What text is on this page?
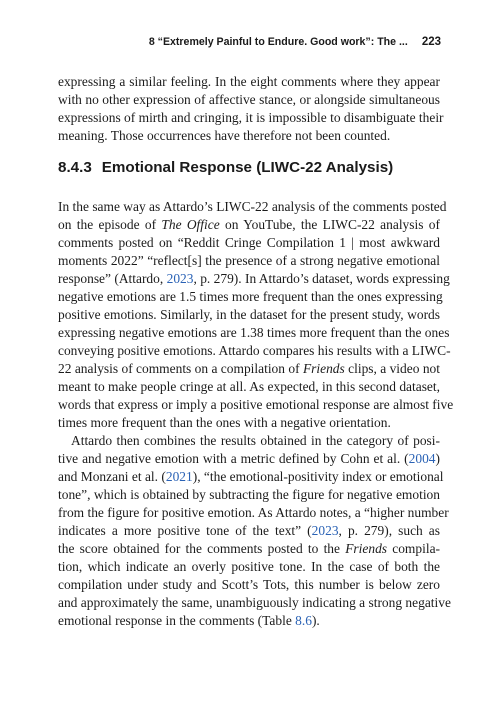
8 “Extremely Painful to Endure. Good work”: The ... 223
expressing a similar feeling. In the eight comments where they appear
with no other expression of affective stance, or alongside simultaneous
expressions of mirth and cringing, it is impossible to disambiguate their
meaning. Those occurrences have therefore not been counted.
8.4.3 Emotional Response (LIWC-22 Analysis)
In the same way as Attardo’s LIWC-22 analysis of the comments posted
on the episode of The Office on YouTube, the LIWC-22 analysis of
comments posted on “Reddit Cringe Compilation 1 | most awkward
moments 2022” “reflect[s] the presence of a strong negative emotional
response” (Attardo, 2023, p. 279). In Attardo’s dataset, words expressing
negative emotions are 1.5 times more frequent than the ones expressing
positive emotions. Similarly, in the dataset for the present study, words
expressing negative emotions are 1.38 times more frequent than the ones
conveying positive emotions. Attardo compares his results with a LIWC-
22 analysis of comments on a compilation of Friends clips, a video not
meant to make people cringe at all. As expected, in this second dataset,
words that express or imply a positive emotional response are almost five
times more frequent than the ones with a negative orientation.
Attardo then combines the results obtained in the category of posi-
tive and negative emotion with a metric defined by Cohn et al. (2004)
and Monzani et al. (2021), “the emotional-positivity index or emotional
tone”, which is obtained by subtracting the figure for negative emotion
from the figure for positive emotion. As Attardo notes, a “higher number
indicates a more positive tone of the text” (2023, p. 279), such as
the score obtained for the comments posted to the Friends compila-
tion, which indicate an overly positive tone. In the case of both the
compilation under study and Scott’s Tots, this number is below zero
and approximately the same, unambiguously indicating a strong negative
emotional response in the comments (Table 8.6).
